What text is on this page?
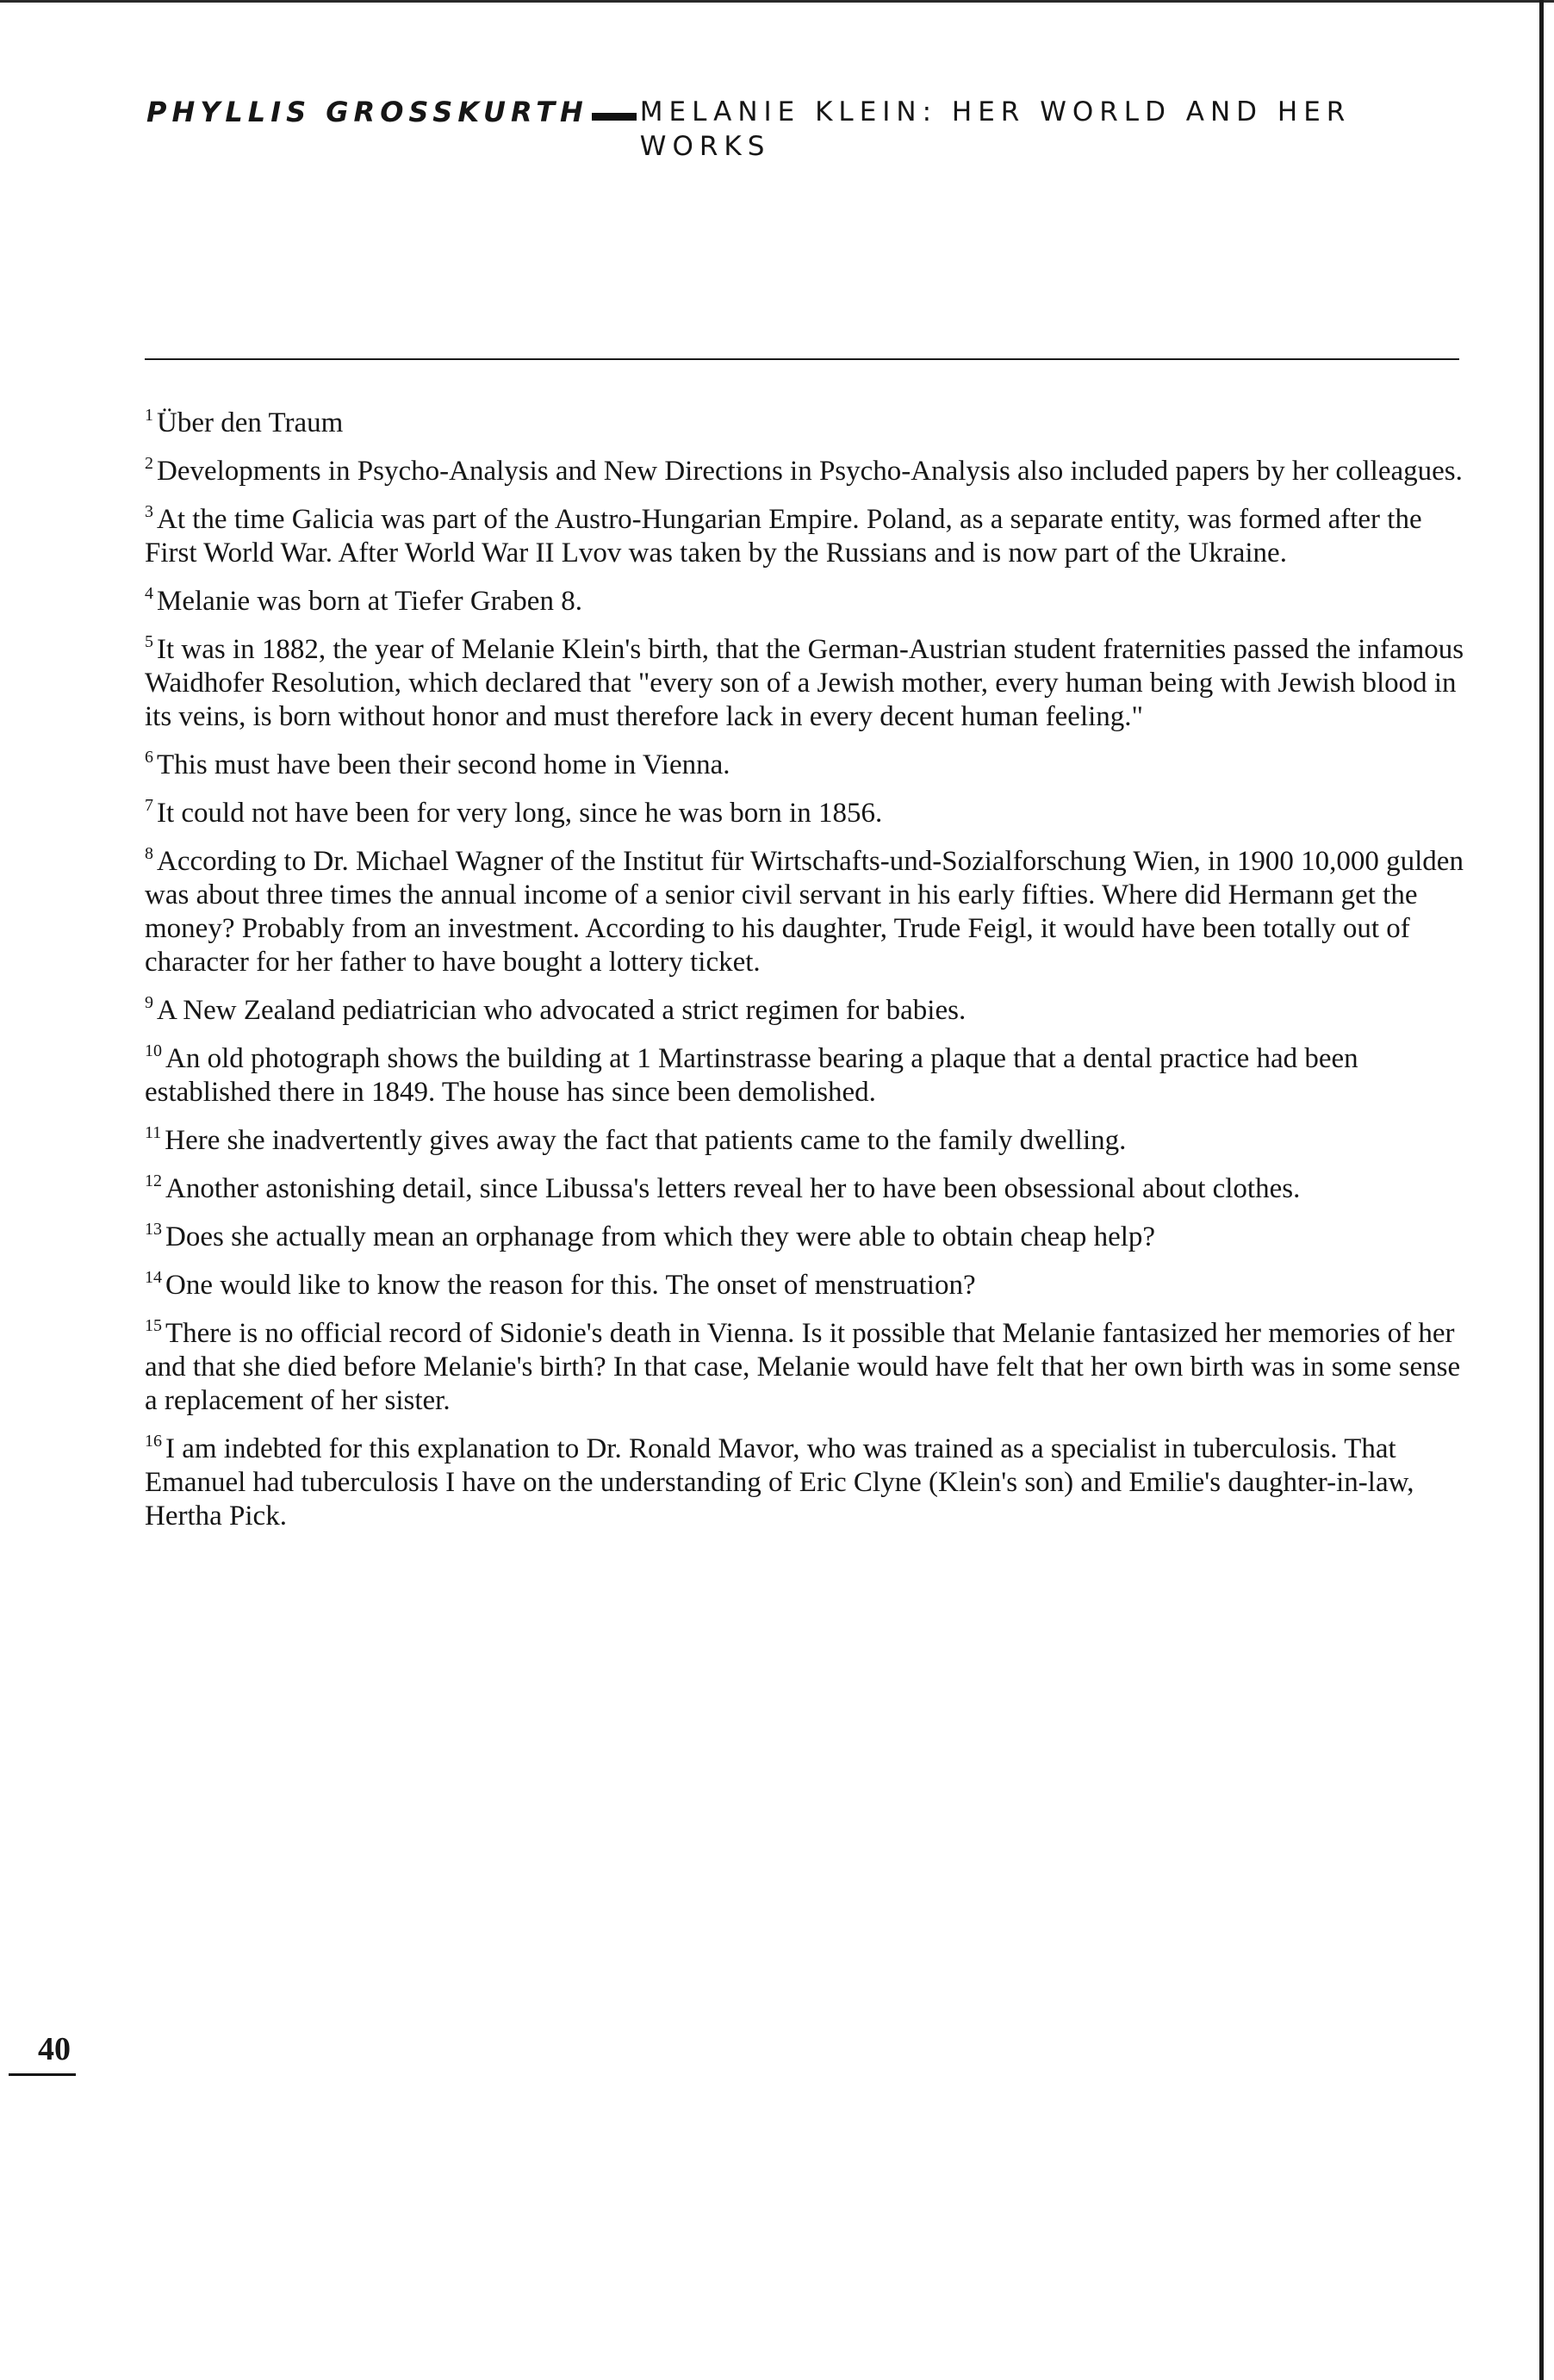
PHYLLIS GROSSKURTH MELANIE KLEIN: HER WORLD AND HER WORKS

$^1$ Über den Traum

$^2$ Developments in Psycho-Analysis and New Directions in Psycho-Analysis also included papers by her colleagues.

$^3$ At the time Galicia was part of the Austro-Hungarian Empire. Poland, as a separate entity, was formed after the First World War. After World War II Lvov was taken by the Russians and is now part of the Ukraine.

$^4$ Melanie was born at Tiefer Graben 8.

$^5$ It was in 1882, the year of Melanie Klein's birth, that the German-Austrian student fraternities passed the infamous Waidhofer Resolution, which declared that "every son of a Jewish mother, every human being with Jewish blood in its veins, is born without honor and must therefore lack in every decent human feeling."

$^6$ This must have been their second home in Vienna.

$^7$ It could not have been for very long, since he was born in 1856.

$^8$ According to Dr. Michael Wagner of the Institut für Wirtschafts-und-Sozialforschung Wien, in 1900 10,000 gulden was about three times the annual income of a senior civil servant in his early fifties. Where did Hermann get the money? Probably from an investment. According to his daughter, Trude Feigl, it would have been totally out of character for her father to have bought a lottery ticket.

$^9$ A New Zealand pediatrician who advocated a strict regimen for babies.

$^{10}$ An old photograph shows the building at 1 Martinstrasse bearing a plaque that a dental practice had been established there in 1849. The house has since been demolished.

$^{11}$ Here she inadvertently gives away the fact that patients came to the family dwelling.

$^{12}$ Another astonishing detail, since Libussa's letters reveal her to have been obsessional about clothes.

$^{13}$ Does she actually mean an orphanage from which they were able to obtain cheap help?

$^{14}$ One would like to know the reason for this. The onset of menstruation?

$^{15}$ There is no official record of Sidonie's death in Vienna. Is it possible that Melanie fantasized her memories of her and that she died before Melanie's birth? In that case, Melanie would have felt that her own birth was in some sense a replacement of her sister.

$^{16}$ I am indebted for this explanation to Dr. Ronald Mavor, who was trained as a specialist in tuberculosis. That Emanuel had tuberculosis I have on the understanding of Eric Clyne (Klein's son) and Emilie's daughter-in-law, Hertha Pick.

40
